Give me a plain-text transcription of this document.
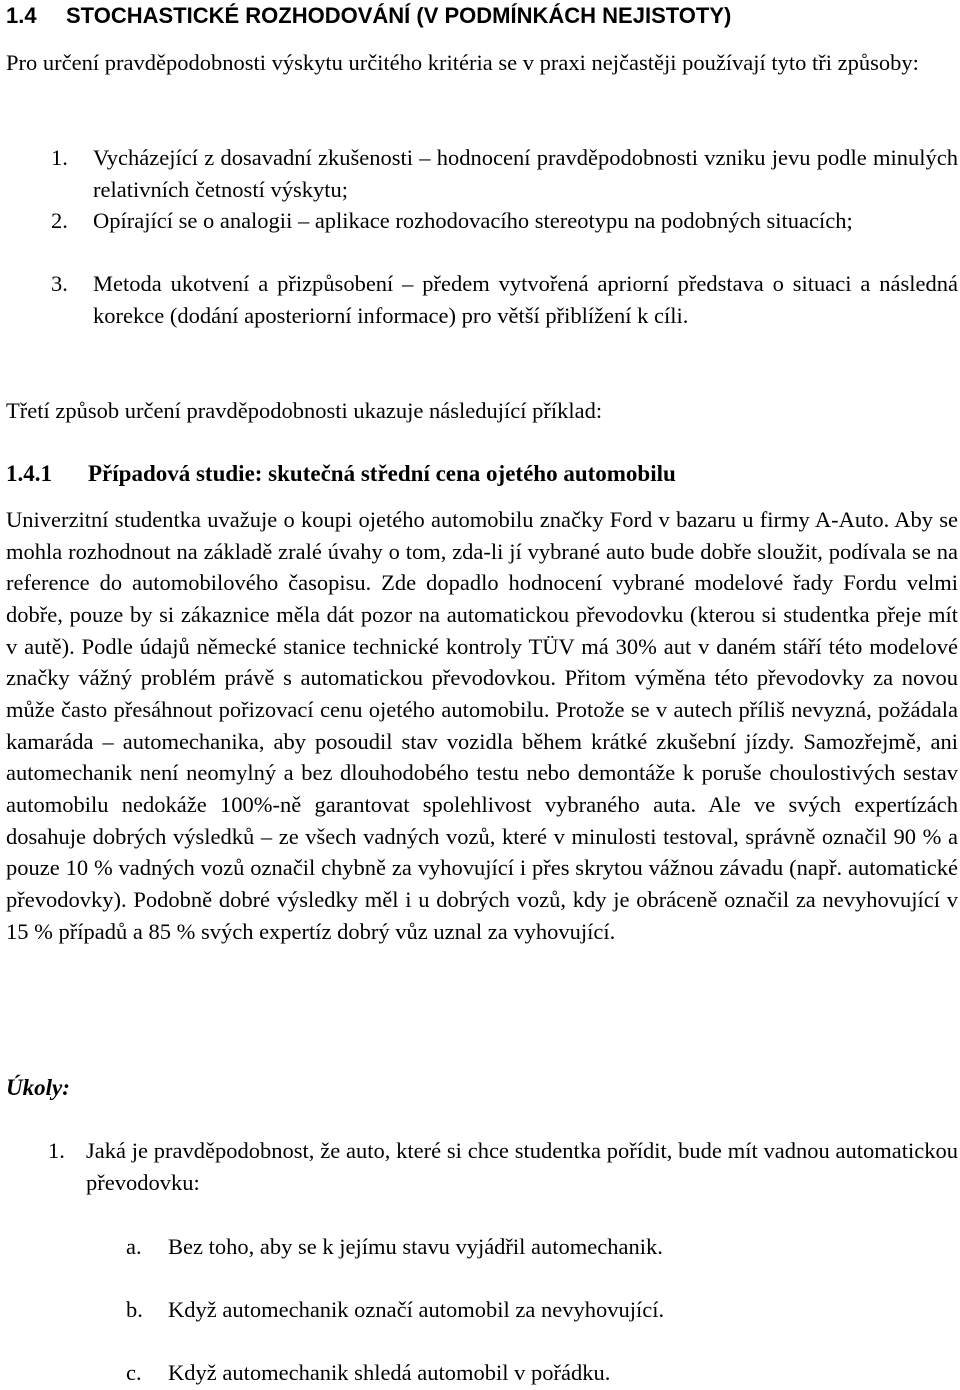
1.4 STOCHASTICKÉ ROZHODOVÁNÍ (V PODMÍNKÁCH NEJISTOTY)
Pro určení pravděpodobnosti výskytu určitého kritéria se v praxi nejčastěji používají tyto tři způsoby:
1. Vycházející z dosavadní zkušenosti – hodnocení pravděpodobnosti vzniku jevu podle minulých relativních četností výskytu;
2. Opírající se o analogii – aplikace rozhodovacího stereotypu na podobných situacích;
3. Metoda ukotvení a přizpůsobení – předem vytvořená apriorní představa o situaci a následná korekce (dodání aposteriorní informace) pro větší přiblížení k cíli.
Třetí způsob určení pravděpodobnosti ukazuje následující příklad:
1.4.1 Případová studie: skutečná střední cena ojetého automobilu
Univerzitní studentka uvažuje o koupi ojetého automobilu značky Ford v bazaru u firmy A-Auto. Aby se mohla rozhodnout na základě zralé úvahy o tom, zda-li jí vybrané auto bude dobře sloužit, podívala se na reference do automobilového časopisu. Zde dopadlo hodnocení vybrané modelové řady Fordu velmi dobře, pouze by si zákaznice měla dát pozor na automatickou převodovku (kterou si studentka přeje mít v autě). Podle údajů německé stanice technické kontroly TÜV má 30% aut v daném stáří této modelové značky vážný problém právě s automatickou převodovkou. Přitom výměna této převodovky za novou může často přesáhnout pořizovací cenu ojetého automobilu. Protože se v autech příliš nevyzná, požádala kamaráda – automechanika, aby posoudil stav vozidla během krátké zkušební jízdy. Samozřejmě, ani automechanik není neomylný a bez dlouhodobého testu nebo demontáže k poruše choulostivých sestav automobilu nedokáže 100%-ně garantovat spolehlivost vybraného auta. Ale ve svých expertízách dosahuje dobrých výsledků – ze všech vadných vozů, které v minulosti testoval, správně označil 90 % a pouze 10 % vadných vozů označil chybně za vyhovující i přes skrytou vážnou závadu (např. automatické převodovky). Podobně dobré výsledky měl i u dobrých vozů, kdy je obráceně označil za nevyhovující v 15 % případů a 85 % svých expertíz dobrý vůz uznal za vyhovující.
Úkoly:
1. Jaká je pravděpodobnost, že auto, které si chce studentka pořídit, bude mít vadnou automatickou převodovku:
a. Bez toho, aby se k jejímu stavu vyjádřil automechanik.
b. Když automechanik označí automobil za nevyhovující.
c. Když automechanik shledá automobil v pořádku.
